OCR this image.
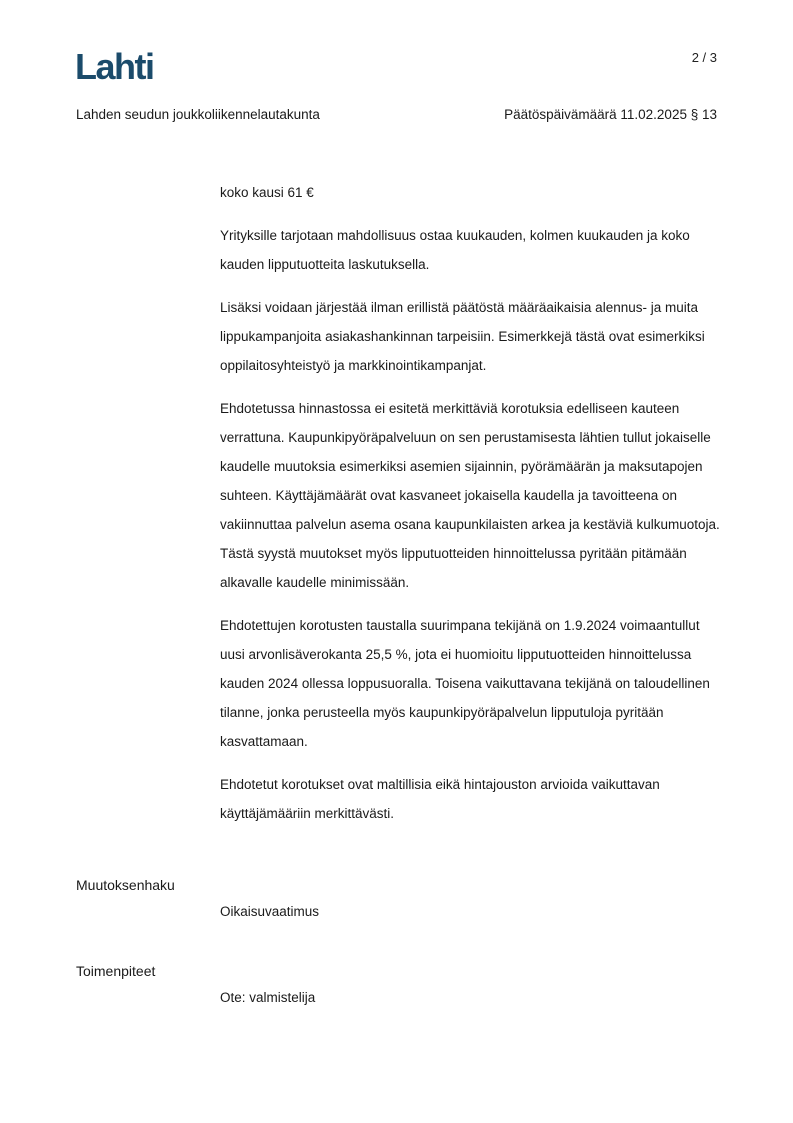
Lahti	2 / 3
Lahden seudun joukkoliikennelautakunta	Päätöspäivämäärä 11.02.2025 § 13

koko kausi 61 €

Yrityksille tarjotaan mahdollisuus ostaa kuukauden, kolmen kuukauden ja koko kauden lipputuotteita laskutuksella.

Lisäksi voidaan järjestää ilman erillistä päätöstä määräaikaisia alennus- ja muita lippukampanjoita asiakashankinnan tarpeisiin. Esimerkkejä tästä ovat esimerkiksi oppilaitosyhteistyö ja markkinointikampanjat.

Ehdotetussa hinnastossa ei esitetä merkittäviä korotuksia edelliseen kauteen verrattuna. Kaupunkipyöräpalveluun on sen perustamisesta lähtien tullut jokaiselle kaudelle muutoksia esimerkiksi asemien sijainnin, pyörämäärän ja maksutapojen suhteen. Käyttäjämäärät ovat kasvaneet jokaisella kaudella ja tavoitteena on vakiinnuttaa palvelun asema osana kaupunkilaisten arkea ja kestäviä kulkumuotoja. Tästä syystä muutokset myös lipputuotteiden hinnoittelussa pyritään pitämään alkavalle kaudelle minimissään.

Ehdotettujen korotusten taustalla suurimpana tekijänä on 1.9.2024 voimaantullut uusi arvonlisäverokanta 25,5 %, jota ei huomioitu lipputuotteiden hinnoittelussa kauden 2024 ollessa loppusuoralla. Toisena vaikuttavana tekijänä on taloudellinen tilanne, jonka perusteella myös kaupunkipyöräpalvelun lipputuloja pyritään kasvattamaan.

Ehdotetut korotukset ovat maltillisia eikä hintajouston arvioida vaikuttavan käyttäjämääriin merkittävästi.

Muutoksenhaku
Oikaisuvaatimus
Toimenpiteet
Ote: valmistelija
